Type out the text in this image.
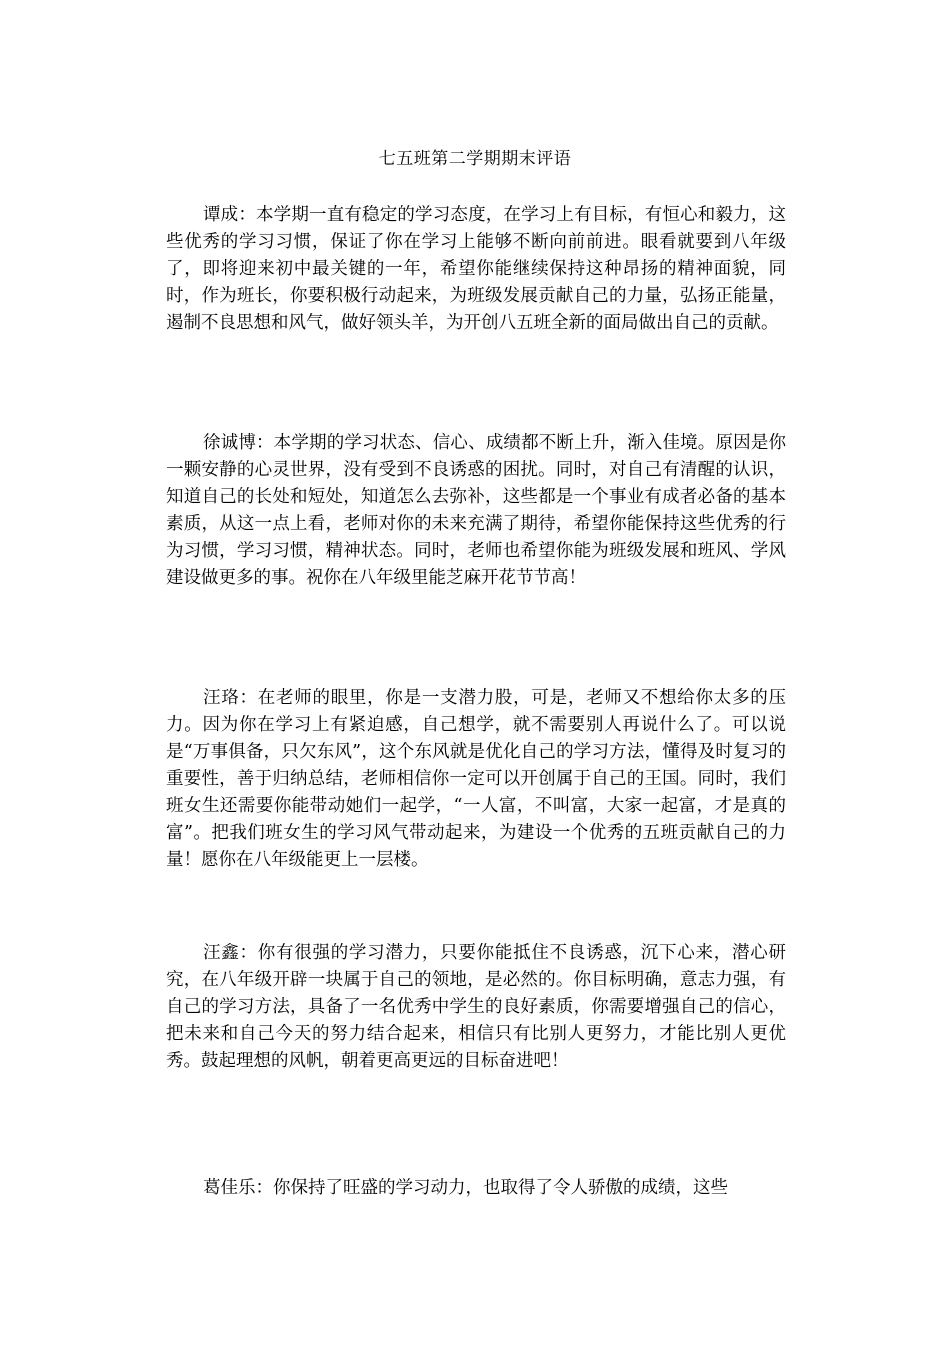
七五班第二学期期末评语

谭成：本学期一直有稳定的学习态度，在学习上有目标，有恒心和毅力，这些优秀的学习习惯，保证了你在学习上能够不断向前前进。眼看就要到八年级了，即将迎来初中最关键的一年，希望你能继续保持这种昂扬的精神面貌，同时，作为班长，你要积极行动起来，为班级发展贡献自己的力量，弘扬正能量，遏制不良思想和风气，做好领头羊，为开创八五班全新的面局做出自己的贡献。

徐诚博：本学期的学习状态、信心、成绩都不断上升，渐入佳境。原因是你一颗安静的心灵世界，没有受到不良诱惑的困扰。同时，对自己有清醒的认识，知道自己的长处和短处，知道怎么去弥补，这些都是一个事业有成者必备的基本素质，从这一点上看，老师对你的未来充满了期待，希望你能保持这些优秀的行为习惯，学习习惯，精神状态。同时，老师也希望你能为班级发展和班风、学风建设做更多的事。祝你在八年级里能芝麻开花节节高！

汪珞：在老师的眼里，你是一支潜力股，可是，老师又不想给你太多的压力。因为你在学习上有紧迫感，自己想学，就不需要别人再说什么了。可以说是“万事俱备，只欠东风”，这个东风就是优化自己的学习方法，懂得及时复习的重要性，善于归纳总结，老师相信你一定可以开创属于自己的王国。同时，我们班女生还需要你能带动她们一起学，“一人富，不叫富，大家一起富，才是真的富”。把我们班女生的学习风气带动起来，为建设一个优秀的五班贡献自己的力量！愿你在八年级能更上一层楼。

汪鑫：你有很强的学习潜力，只要你能抵住不良诱惑，沉下心来，潜心研究，在八年级开辟一块属于自己的领地，是必然的。你目标明确，意志力强，有自己的学习方法，具备了一名优秀中学生的良好素质，你需要增强自己的信心，把未来和自己今天的努力结合起来，相信只有比别人更努力，才能比别人更优秀。鼓起理想的风帆，朝着更高更远的目标奋进吧！

葛佳乐：你保持了旺盛的学习动力，也取得了令人骄傲的成绩，这些
